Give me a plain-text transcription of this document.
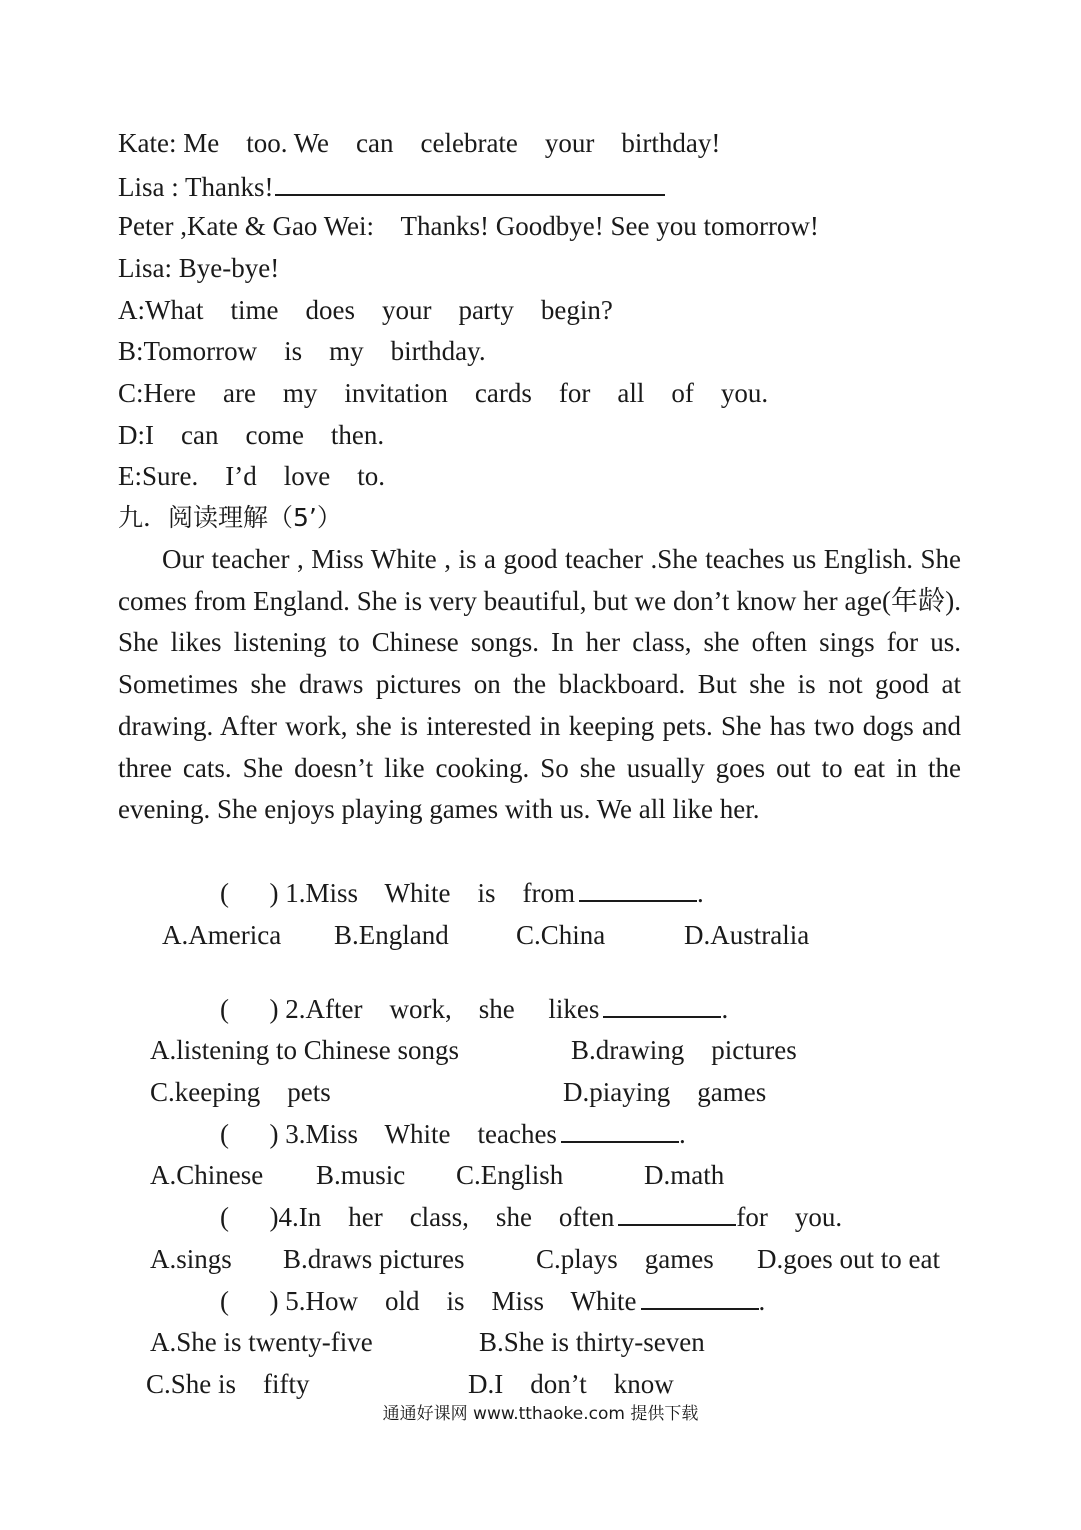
Kate: Me    too. We    can    celebrate    your    birthday!

Lisa : Thanks!

Peter ,Kate & Gao Wei:    Thanks! Goodbye! See you tomorrow!

Lisa: Bye-bye!

A:What    time    does    your    party    begin?

B:Tomorrow    is    my    birthday.

C:Here    are    my    invitation    cards    for    all    of    you.

D:I    can    come    then.

E:Sure.    I’d    love    to.

九．阅读理解（5’）

Our teacher , Miss White , is a good teacher .She teaches us English. She comes from England. She is very beautiful, but we don’t know her age(年龄). She likes listening to Chinese songs. In her class, she often sings for us. Sometimes she draws pictures on the blackboard. But she is not good at drawing. After work, she is interested in keeping pets. She has two dogs and three cats. She doesn’t like cooking. So she usually goes out to eat in the evening. She enjoys playing games with us. We all like her.

(      ) 1.Miss    White    is    from	.

A.America B.England C.China	D.Australia

(      ) 2.After    work,    she     likes	.

A.listening to Chinese songs	B.drawing    pictures

C.keeping    pets	D.piaying    games

(      ) 3.Miss    White    teaches	.

A.Chinese B.music C.English	D.math

(      )4.In    her    class,    she    often	for    you.

A.sings B.draws pictures	C.plays    games D.goes out to eat

(      ) 5.How    old    is    Miss    White	.

A.She is twenty-five	B.She is thirty-seven

C.She is    fifty	D.I    don’t    know

通通好课网 www.tthaoke.com 提供下载
